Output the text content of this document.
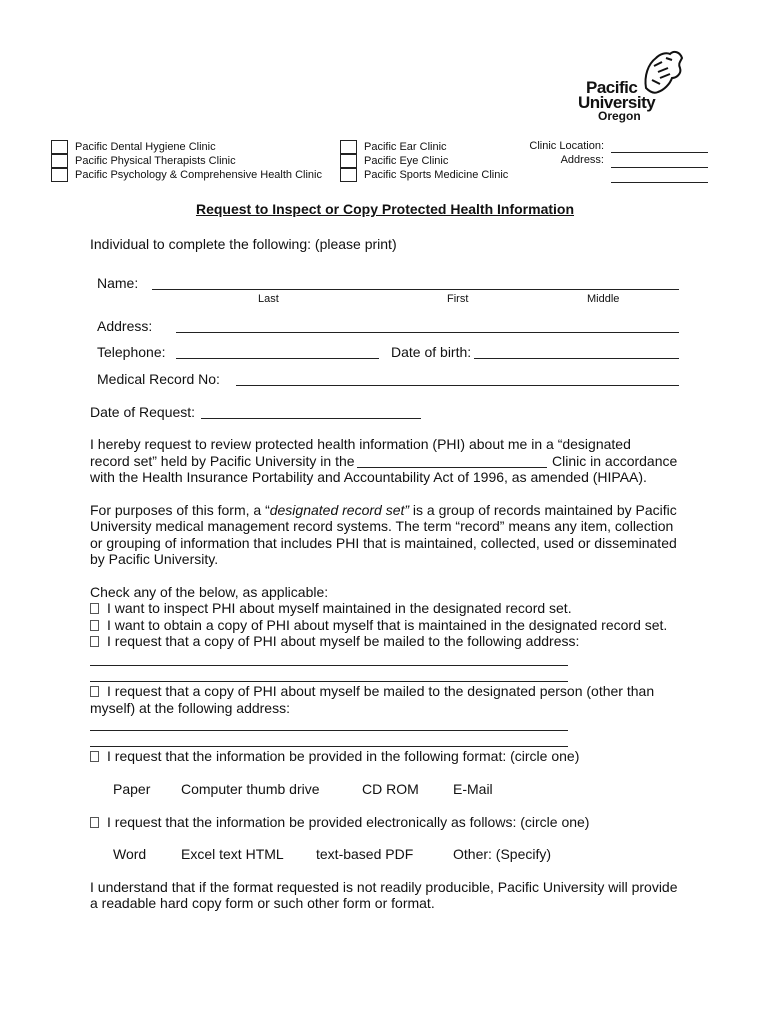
Pacific
University
Oregon
Pacific Dental Hygiene Clinic
Pacific Physical Therapists Clinic
Pacific Psychology & Comprehensive Health Clinic
Pacific Ear Clinic
Pacific Eye Clinic
Pacific Sports Medicine Clinic
Clinic Location:
Address:
Request to Inspect or Copy Protected Health Information
Individual to complete the following: (please print)
Name:
Last	First	Middle
Address:
Telephone:	Date of birth:
Medical Record No:
Date of Request:
I hereby request to review protected health information (PHI) about me in a “designated
record set” held by Pacific University in the	Clinic in accordance
with the Health Insurance Portability and Accountability Act of 1996, as amended (HIPAA).
For purposes of this form, a “designated record set” is a group of records maintained by Pacific
University medical management record systems. The term “record” means any item, collection
or grouping of information that includes PHI that is maintained, collected, used or disseminated
by Pacific University.
Check any of the below, as applicable:
I want to inspect PHI about myself maintained in the designated record set.
I want to obtain a copy of PHI about myself that is maintained in the designated record set.
I request that a copy of PHI about myself be mailed to the following address:
I request that a copy of PHI about myself be mailed to the designated person (other than
myself) at the following address:
I request that the information be provided in the following format: (circle one)
Paper Computer thumb drive	CD ROM E-Mail
I request that the information be provided electronically as follows: (circle one)
Word Excel text HTML text-based PDF	Other: (Specify)
I understand that if the format requested is not readily producible, Pacific University will provide
a readable hard copy form or such other form or format.
